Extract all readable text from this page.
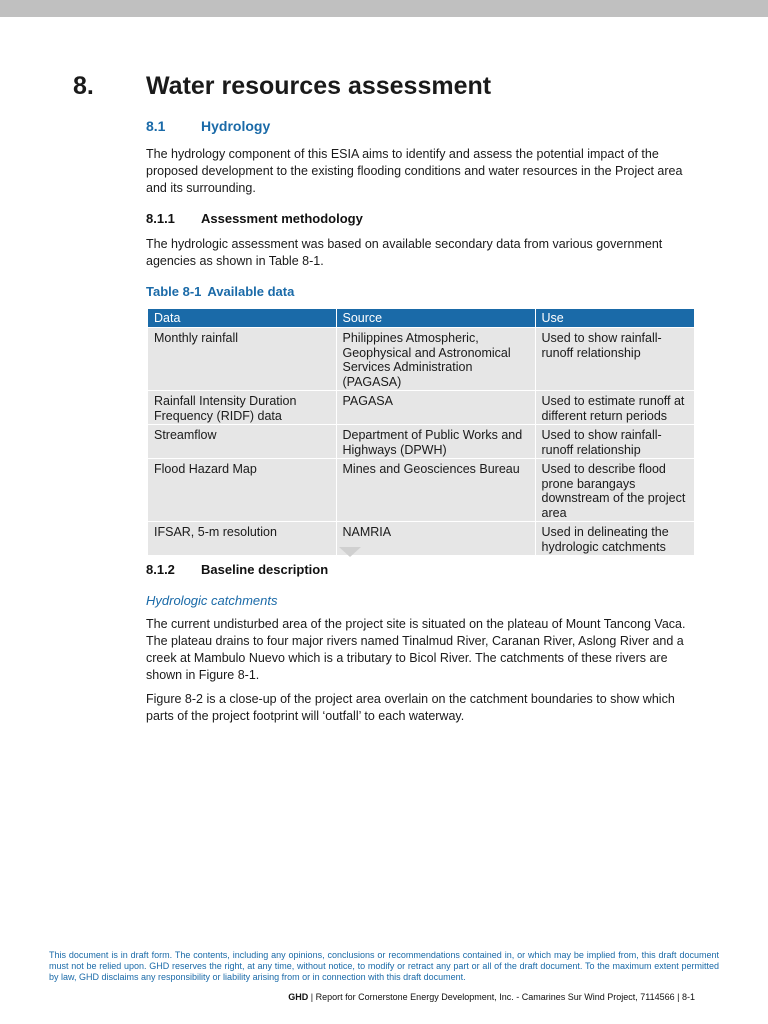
8. Water resources assessment
8.1	Hydrology

The hydrology component of this ESIA aims to identify and assess the potential impact of the proposed development to the existing flooding conditions and water resources in the Project area and its surrounding.

8.1.1 Assessment methodology

The hydrologic assessment was based on available secondary data from various government agencies as shown in Table 8-1.

Table 8-1 Available data
Data	Source	Use
Monthly rainfall	Philippines Atmospheric, Geophysical and Astronomical Services Administration (PAGASA)	Used to show rainfall-runoff relationship
Rainfall Intensity Duration Frequency (RIDF) data	PAGASA	Used to estimate runoff at different return periods
Streamflow	Department of Public Works and Highways (DPWH)	Used to show rainfall-runoff relationship
Flood Hazard Map	Mines and Geosciences Bureau	Used to describe flood prone barangays downstream of the project area
IFSAR, 5-m resolution	NAMRIA	Used in delineating the hydrologic catchments
8.1.2 Baseline description
Hydrologic catchments

The current undisturbed area of the project site is situated on the plateau of Mount Tancong Vaca. The plateau drains to four major rivers named Tinalmud River, Caranan River, Aslong River and a creek at Mambulo Nuevo which is a tributary to Bicol River. The catchments of these rivers are shown in Figure 8-1.

Figure 8-2 is a close-up of the project area overlain on the catchment boundaries to show which parts of the project footprint will ‘outfall’ to each waterway.

This document is in draft form. The contents, including any opinions, conclusions or recommendations contained in, or which may be implied from, this draft document must not be relied upon. GHD reserves the right, at any time, without notice, to modify or retract any part or all of the draft document. To the maximum extent permitted by law, GHD disclaims any responsibility or liability arising from or in connection with this draft document.
GHD | Report for Cornerstone Energy Development, Inc. - Camarines Sur Wind Project, 7114566 | 8-1
